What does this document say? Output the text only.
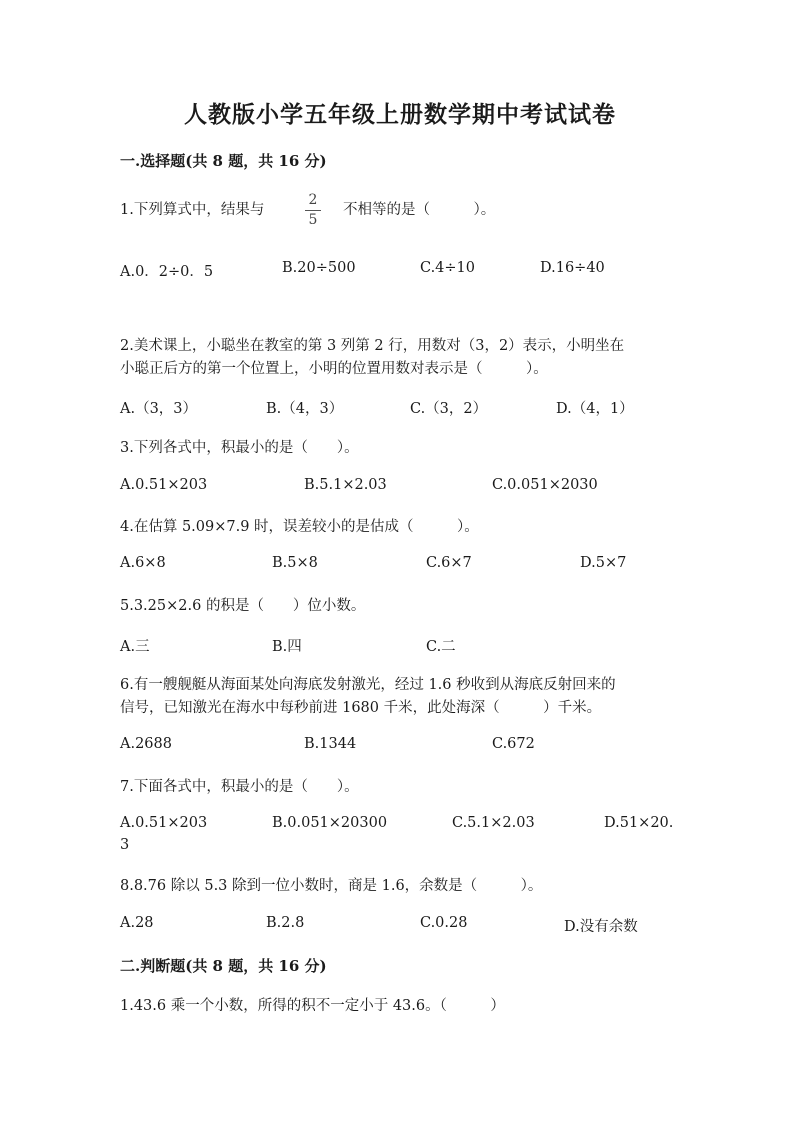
人教版小学五年级上册数学期中考试试卷
一.选择题(共 8 题，共 16 分)
1.下列算式中，结果与
2
5
不相等的是（　　　）。
A.0．2÷0．5	B.20÷500	C.4÷10	D.16÷40
2.美术课上，小聪坐在教室的第 3 列第 2 行，用数对（3，2）表示，小明坐在
小聪正后方的第一个位置上，小明的位置用数对表示是（　　　）。
A.（3，3）	B.（4，3）	C.（3，2）	D.（4，1）
3.下列各式中，积最小的是（　　）。
A.0.51×203	B.5.1×2.03	C.0.051×2030
4.在估算 5.09×7.9 时，误差较小的是估成（　　　）。
A.6×8	B.5×8	C.6×7	D.5×7
5.3.25×2.6 的积是（　　）位小数。
A.三	B.四	C.二
6.有一艘舰艇从海面某处向海底发射激光，经过 1.6 秒收到从海底反射回来的
信号，已知激光在海水中每秒前进 1680 千米，此处海深（　　　）千米。
A.2688	B.1344	C.672
7.下面各式中，积最小的是（　　）。
A.0.51×203	B.0.051×20300	C.5.1×2.03	D.51×20.
3
8.8.76 除以 5.3 除到一位小数时，商是 1.6，余数是（　　　）。
A.28	B.2.8	C.0.28	D.没有余数
二.判断题(共 8 题，共 16 分)
1.43.6 乘一个小数，所得的积不一定小于 43.6。（　　　）
